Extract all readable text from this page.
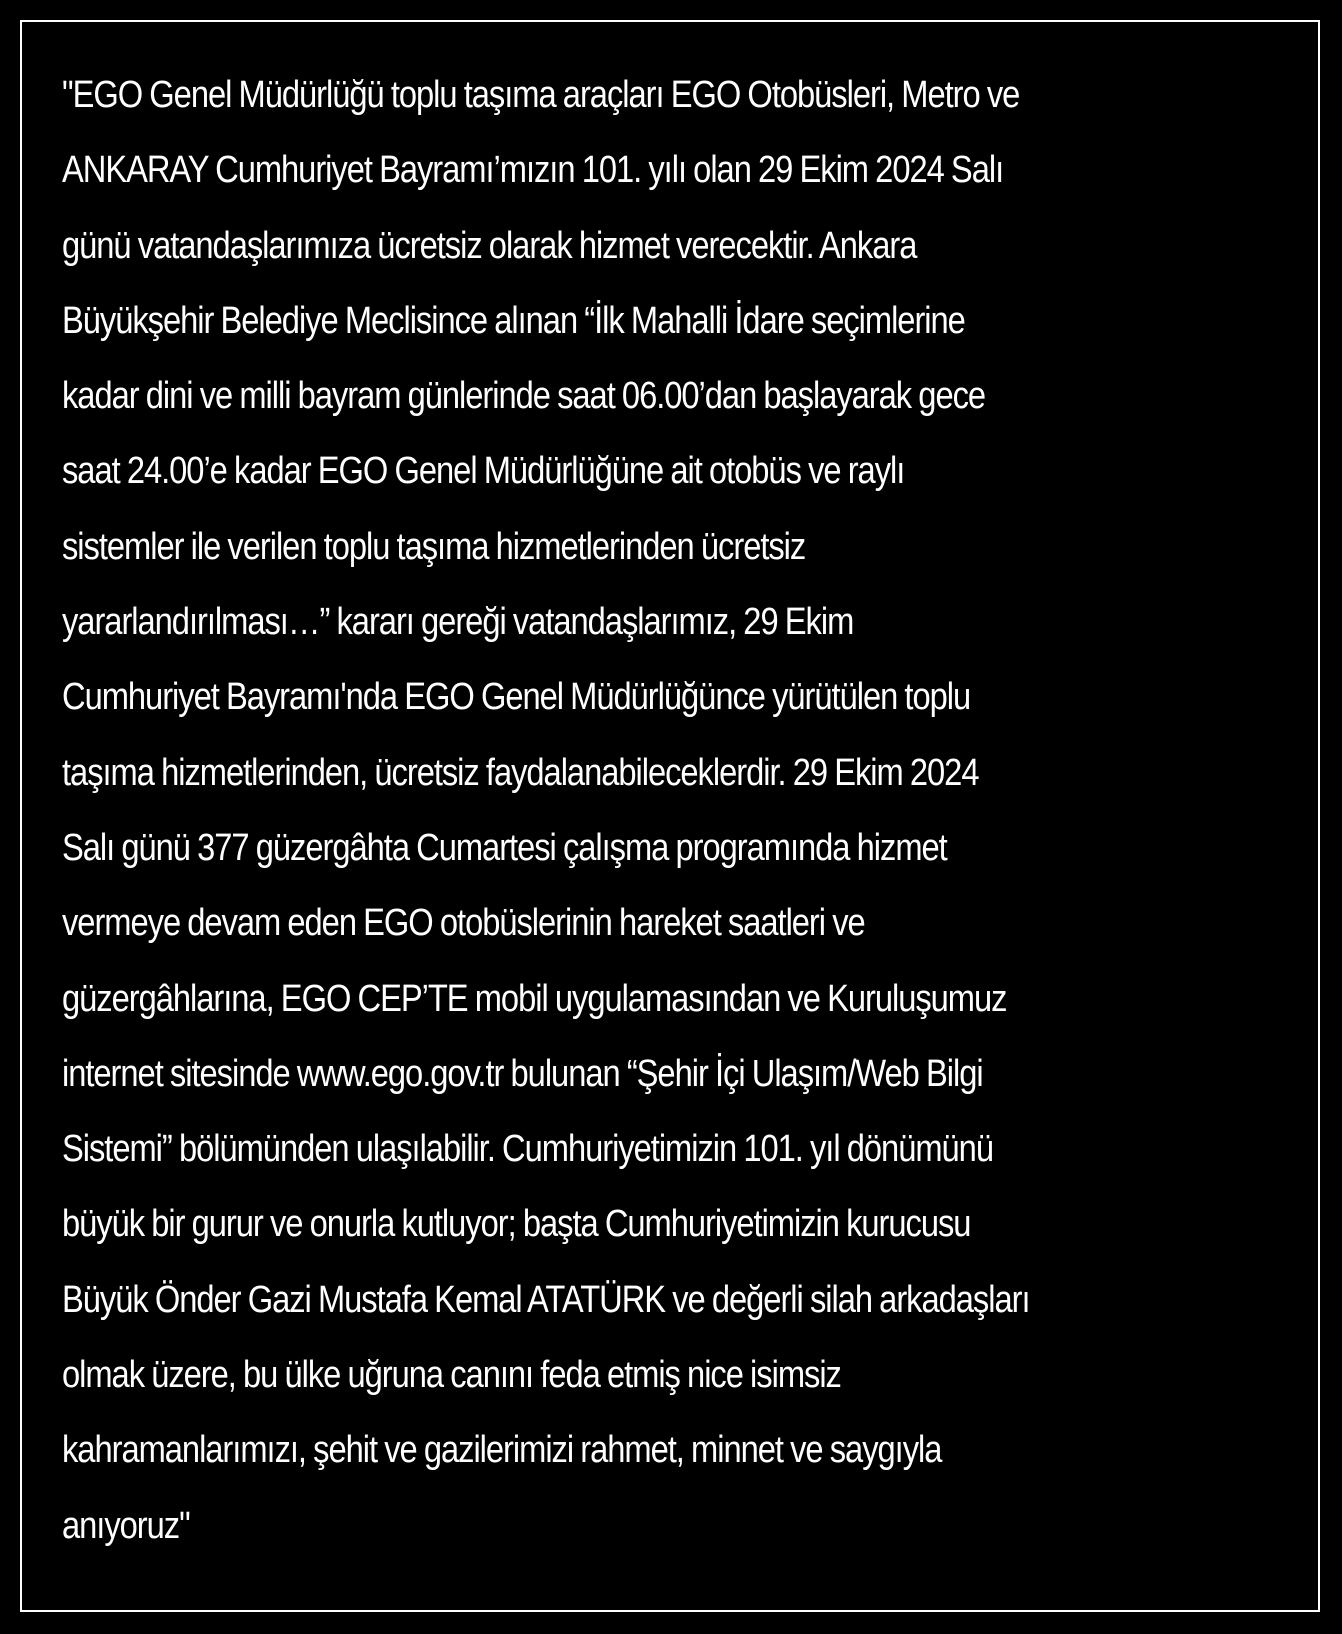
"EGO Genel Müdürlüğü toplu taşıma araçları EGO Otobüsleri, Metro ve
ANKARAY Cumhuriyet Bayramı’mızın 101. yılı olan 29 Ekim 2024 Salı
günü vatandaşlarımıza ücretsiz olarak hizmet verecektir. Ankara
Büyükşehir Belediye Meclisince alınan “İlk Mahalli İdare seçimlerine
kadar dini ve milli bayram günlerinde saat 06.00’dan başlayarak gece
saat 24.00’e kadar EGO Genel Müdürlüğüne ait otobüs ve raylı
sistemler ile verilen toplu taşıma hizmetlerinden ücretsiz
yararlandırılması…” kararı gereği vatandaşlarımız, 29 Ekim
Cumhuriyet Bayramı'nda EGO Genel Müdürlüğünce yürütülen toplu
taşıma hizmetlerinden, ücretsiz faydalanabileceklerdir. 29 Ekim 2024
Salı günü 377 güzergâhta Cumartesi çalışma programında hizmet
vermeye devam eden EGO otobüslerinin hareket saatleri ve
güzergâhlarına, EGO CEP’TE mobil uygulamasından ve Kuruluşumuz
internet sitesinde www.ego.gov.tr bulunan “Şehir İçi Ulaşım/Web Bilgi
Sistemi” bölümünden ulaşılabilir. Cumhuriyetimizin 101. yıl dönümünü
büyük bir gurur ve onurla kutluyor; başta Cumhuriyetimizin kurucusu
Büyük Önder Gazi Mustafa Kemal ATATÜRK ve değerli silah arkadaşları
olmak üzere, bu ülke uğruna canını feda etmiş nice isimsiz
kahramanlarımızı, şehit ve gazilerimizi rahmet, minnet ve saygıyla
anıyoruz"
